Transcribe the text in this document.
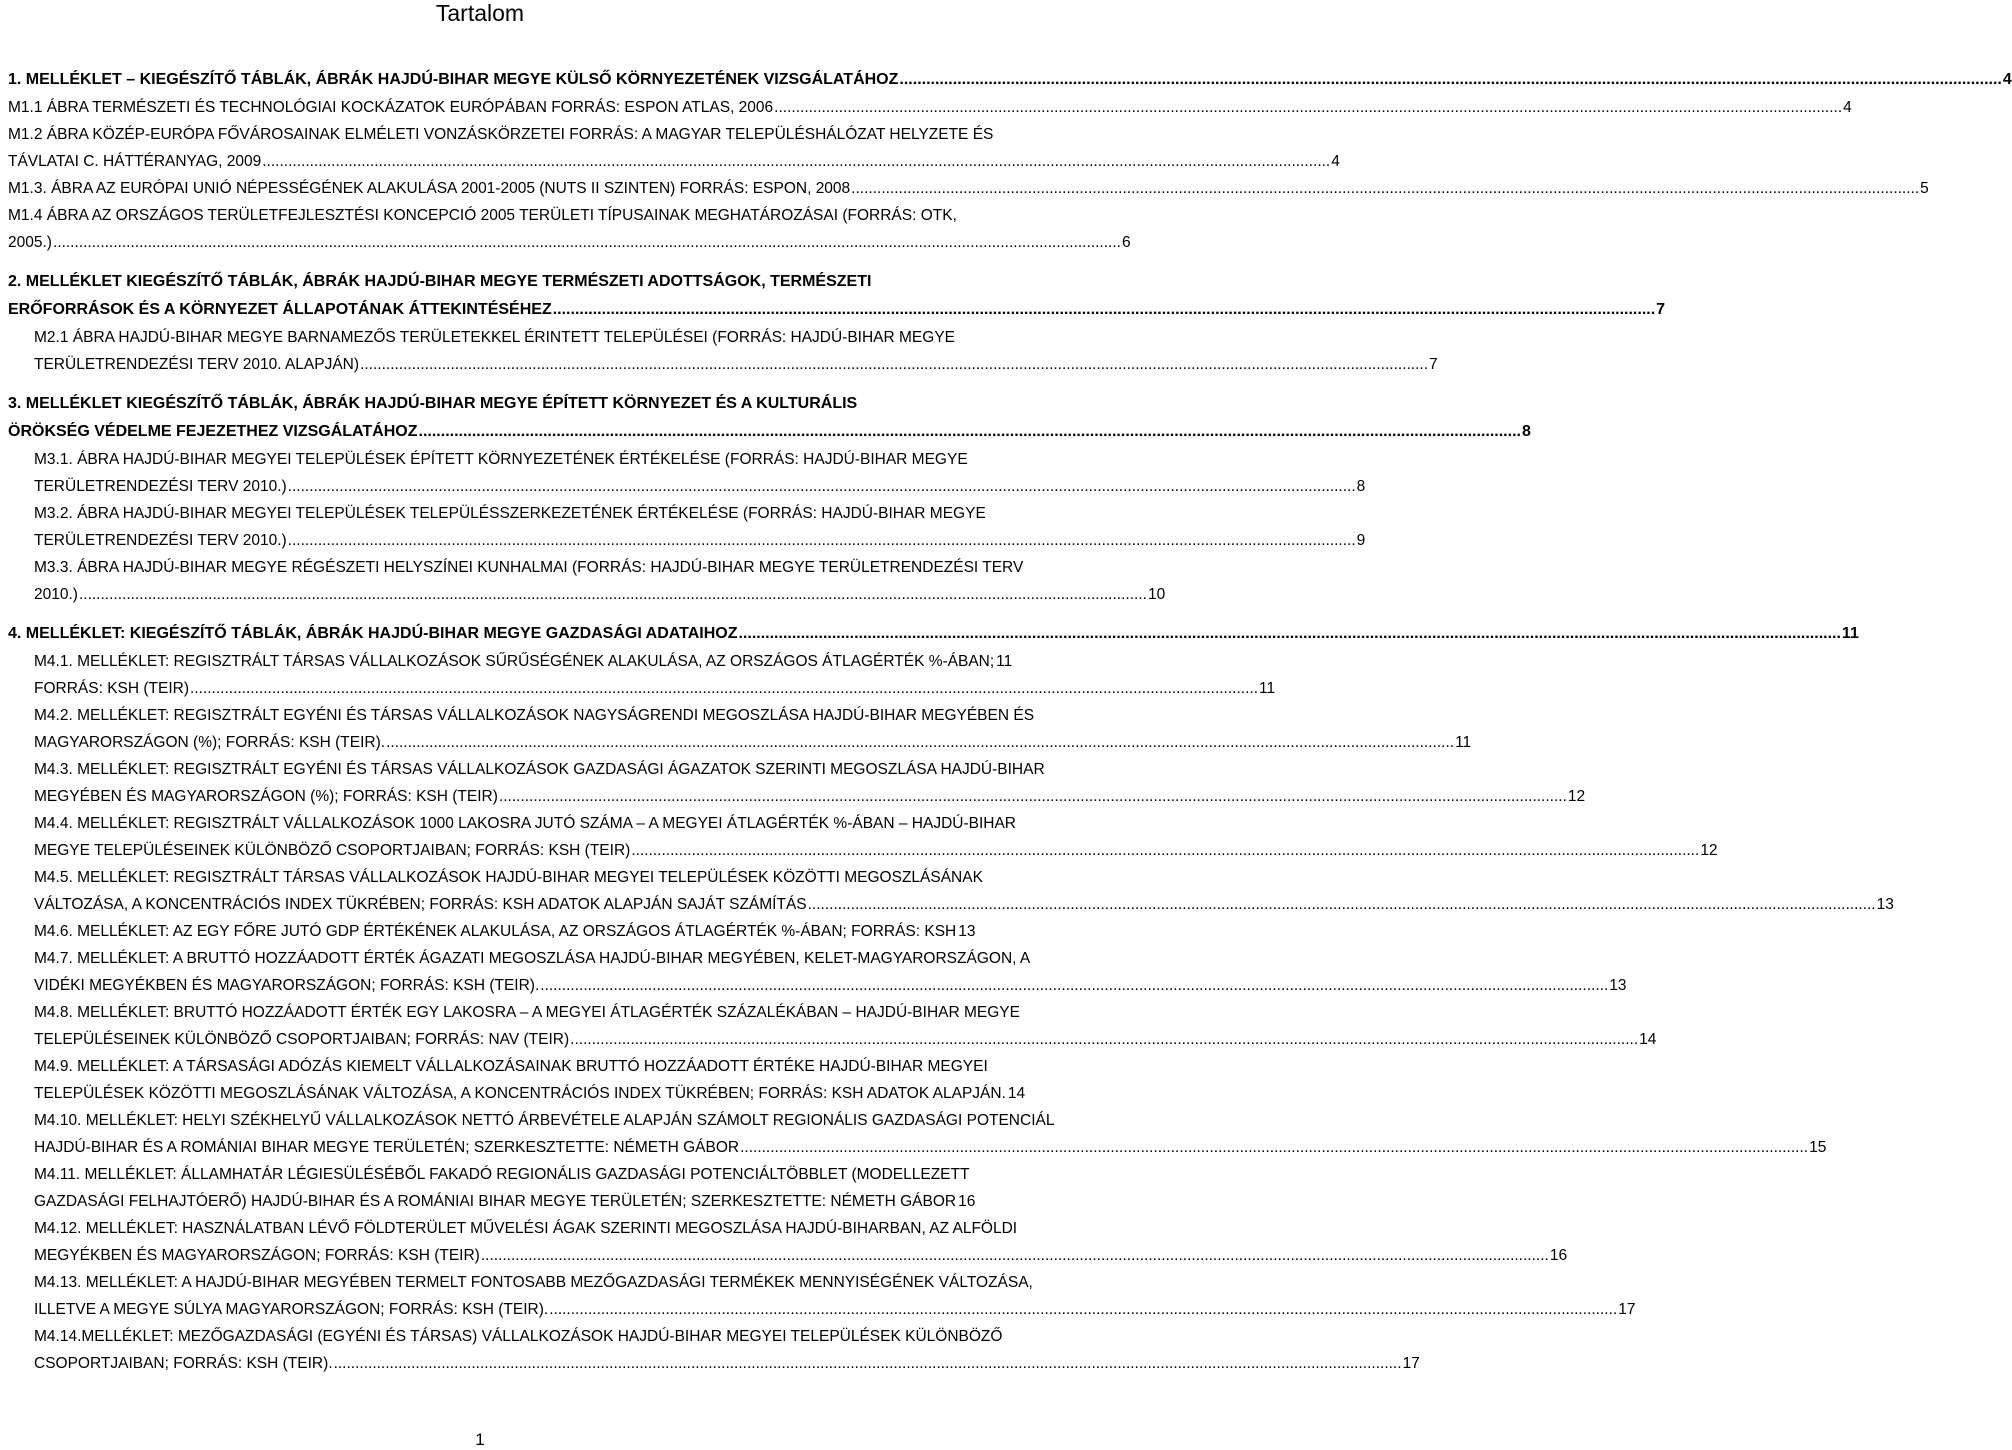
Tartalom
1. MELLÉKLET – KIEGÉSZÍTŐ TÁBLÁK, ÁBRÁK HAJDÚ-BIHAR MEGYE KÜLSŐ KÖRNYEZETÉNEK VIZSGÁLATÁHOZ .....	4
M1.1 ÁBRA TERMÉSZETI ÉS TECHNOLÓGIAI KOCKÁZATOK EURÓPÁBAN FORRÁS: ESPON ATLAS, 2006 .....	4
M1.2 ÁBRA KÖZÉP-EURÓPA FŐVÁROSAINAK ELMÉLETI VONZÁSKÖRZETEI FORRÁS: A MAGYAR TELEPÜLÉSHÁLÓZAT HELYZETE ÉS
TÁVLATAI C. HÁTTÉRANYAG, 2009 .....	4
M1.3. ÁBRA AZ EURÓPAI UNIÓ NÉPESSÉGÉNEK ALAKULÁSA 2001-2005 (NUTS II SZINTEN) FORRÁS: ESPON, 2008 .....	5
M1.4 ÁBRA AZ ORSZÁGOS TERÜLETFEJLESZTÉSI KONCEPCIÓ 2005 TERÜLETI TÍPUSAINAK MEGHATÁROZÁSAI (FORRÁS: OTK,
2005.) .....	6
2. MELLÉKLET KIEGÉSZÍTŐ TÁBLÁK, ÁBRÁK HAJDÚ-BIHAR MEGYE TERMÉSZETI ADOTTSÁGOK, TERMÉSZETI
ERŐFORRÁSOK ÉS A KÖRNYEZET ÁLLAPOTÁNAK ÁTTEKINTÉSÉHEZ .....	7
M2.1 ÁBRA HAJDÚ-BIHAR MEGYE BARNAMEZŐS TERÜLETEKKEL ÉRINTETT TELEPÜLÉSEI (FORRÁS: HAJDÚ-BIHAR MEGYE
TERÜLETRENDEZÉSI TERV 2010. ALAPJÁN) .....	7
3. MELLÉKLET KIEGÉSZÍTŐ TÁBLÁK, ÁBRÁK HAJDÚ-BIHAR MEGYE ÉPÍTETT KÖRNYEZET ÉS A KULTURÁLIS
ÖRÖKSÉG VÉDELME FEJEZETHEZ VIZSGÁLATÁHOZ .....	8
M3.1. ÁBRA HAJDÚ-BIHAR MEGYEI TELEPÜLÉSEK ÉPÍTETT KÖRNYEZETÉNEK ÉRTÉKELÉSE (FORRÁS: HAJDÚ-BIHAR MEGYE
TERÜLETRENDEZÉSI TERV 2010.) .....	8
M3.2. ÁBRA HAJDÚ-BIHAR MEGYEI TELEPÜLÉSEK TELEPÜLÉSSZERKEZETÉNEK ÉRTÉKELÉSE (FORRÁS: HAJDÚ-BIHAR MEGYE
TERÜLETRENDEZÉSI TERV 2010.) .....	9
M3.3. ÁBRA HAJDÚ-BIHAR MEGYE RÉGÉSZETI HELYSZÍNEI KUNHALMAI (FORRÁS: HAJDÚ-BIHAR MEGYE TERÜLETRENDEZÉSI TERV
2010.) .....	10
4. MELLÉKLET: KIEGÉSZÍTŐ TÁBLÁK, ÁBRÁK HAJDÚ-BIHAR MEGYE GAZDASÁGI ADATAIHOZ .....	11
M4.1. MELLÉKLET: REGISZTRÁLT TÁRSAS VÁLLALKOZÁSOK SŰRŰSÉGÉNEK ALAKULÁSA, AZ ORSZÁGOS ÁTLAGÉRTÉK %-ÁBAN; 11
FORRÁS: KSH (TEIR) .....	11
M4.2. MELLÉKLET: REGISZTRÁLT EGYÉNI ÉS TÁRSAS VÁLLALKOZÁSOK NAGYSÁGRENDI MEGOSZLÁSA HAJDÚ-BIHAR MEGYÉBEN ÉS
MAGYARORSZÁGON (%); FORRÁS: KSH (TEIR). .....	11
M4.3. MELLÉKLET: REGISZTRÁLT EGYÉNI ÉS TÁRSAS VÁLLALKOZÁSOK GAZDASÁGI ÁGAZATOK SZERINTI MEGOSZLÁSA HAJDÚ-BIHAR
MEGYÉBEN ÉS MAGYARORSZÁGON (%); FORRÁS: KSH (TEIR) .....	12
M4.4. MELLÉKLET: REGISZTRÁLT VÁLLALKOZÁSOK 1000 LAKOSRA JUTÓ SZÁMA – A MEGYEI ÁTLAGÉRTÉK %-ÁBAN – HAJDÚ-BIHAR
MEGYE TELEPÜLÉSEINEK KÜLÖNBÖZŐ CSOPORTJAIBAN; FORRÁS: KSH (TEIR) .....	12
M4.5. MELLÉKLET: REGISZTRÁLT TÁRSAS VÁLLALKOZÁSOK HAJDÚ-BIHAR MEGYEI TELEPÜLÉSEK KÖZÖTTI MEGOSZLÁSÁNAK
VÁLTOZÁSA, A KONCENTRÁCIÓS INDEX TÜKRÉBEN; FORRÁS: KSH ADATOK ALAPJÁN SAJÁT SZÁMÍTÁS .....	13
M4.6. MELLÉKLET: AZ EGY FŐRE JUTÓ GDP ÉRTÉKÉNEK ALAKULÁSA, AZ ORSZÁGOS ÁTLAGÉRTÉK %-ÁBAN; FORRÁS: KSH 13
M4.7. MELLÉKLET: A BRUTTÓ HOZZÁADOTT ÉRTÉK ÁGAZATI MEGOSZLÁSA HAJDÚ-BIHAR MEGYÉBEN, KELET-MAGYARORSZÁGON, A
VIDÉKI MEGYÉKBEN ÉS MAGYARORSZÁGON; FORRÁS: KSH (TEIR). .....	13
M4.8. MELLÉKLET: BRUTTÓ HOZZÁADOTT ÉRTÉK EGY LAKOSRA – A MEGYEI ÁTLAGÉRTÉK SZÁZALÉKÁBAN – HAJDÚ-BIHAR MEGYE
TELEPÜLÉSEINEK KÜLÖNBÖZŐ CSOPORTJAIBAN; FORRÁS: NAV (TEIR) .....	14
M4.9. MELLÉKLET: A TÁRSASÁGI ADÓZÁS KIEMELT VÁLLALKOZÁSAINAK BRUTTÓ HOZZÁADOTT ÉRTÉKE HAJDÚ-BIHAR MEGYEI
TELEPÜLÉSEK KÖZÖTTI MEGOSZLÁSÁNAK VÁLTOZÁSA, A KONCENTRÁCIÓS INDEX TÜKRÉBEN; FORRÁS: KSH ADATOK ALAPJÁN. 14
M4.10. MELLÉKLET: HELYI SZÉKHELYŰ VÁLLALKOZÁSOK NETTÓ ÁRBEVÉTELE ALAPJÁN SZÁMOLT REGIONÁLIS GAZDASÁGI POTENCIÁL
HAJDÚ-BIHAR ÉS A ROMÁNIAI BIHAR MEGYE TERÜLETÉN; SZERKESZTETTE: NÉMETH GÁBOR .....	15
M4.11. MELLÉKLET: ÁLLAMHATÁR LÉGIESÜLÉSÉBŐL FAKADÓ REGIONÁLIS GAZDASÁGI POTENCIÁLTÖBBLET (MODELLEZETT
GAZDASÁGI FELHAJTÓERŐ) HAJDÚ-BIHAR ÉS A ROMÁNIAI BIHAR MEGYE TERÜLETÉN; SZERKESZTETTE: NÉMETH GÁBOR 16
M4.12. MELLÉKLET: HASZNÁLATBAN LÉVŐ FÖLDTERÜLET MŰVELÉSI ÁGAK SZERINTI MEGOSZLÁSA HAJDÚ-BIHARBAN, AZ ALFÖLDI
MEGYÉKBEN ÉS MAGYARORSZÁGON; FORRÁS: KSH (TEIR) .....	16
M4.13. MELLÉKLET: A HAJDÚ-BIHAR MEGYÉBEN TERMELT FONTOSABB MEZŐGAZDASÁGI TERMÉKEK MENNYISÉGÉNEK VÁLTOZÁSA,
ILLETVE A MEGYE SÚLYA MAGYARORSZÁGON; FORRÁS: KSH (TEIR). .....	17
M4.14.MELLÉKLET: MEZŐGAZDASÁGI (EGYÉNI ÉS TÁRSAS) VÁLLALKOZÁSOK HAJDÚ-BIHAR MEGYEI TELEPÜLÉSEK KÜLÖNBÖZŐ
CSOPORTJAIBAN; FORRÁS: KSH (TEIR). .....	17
1
